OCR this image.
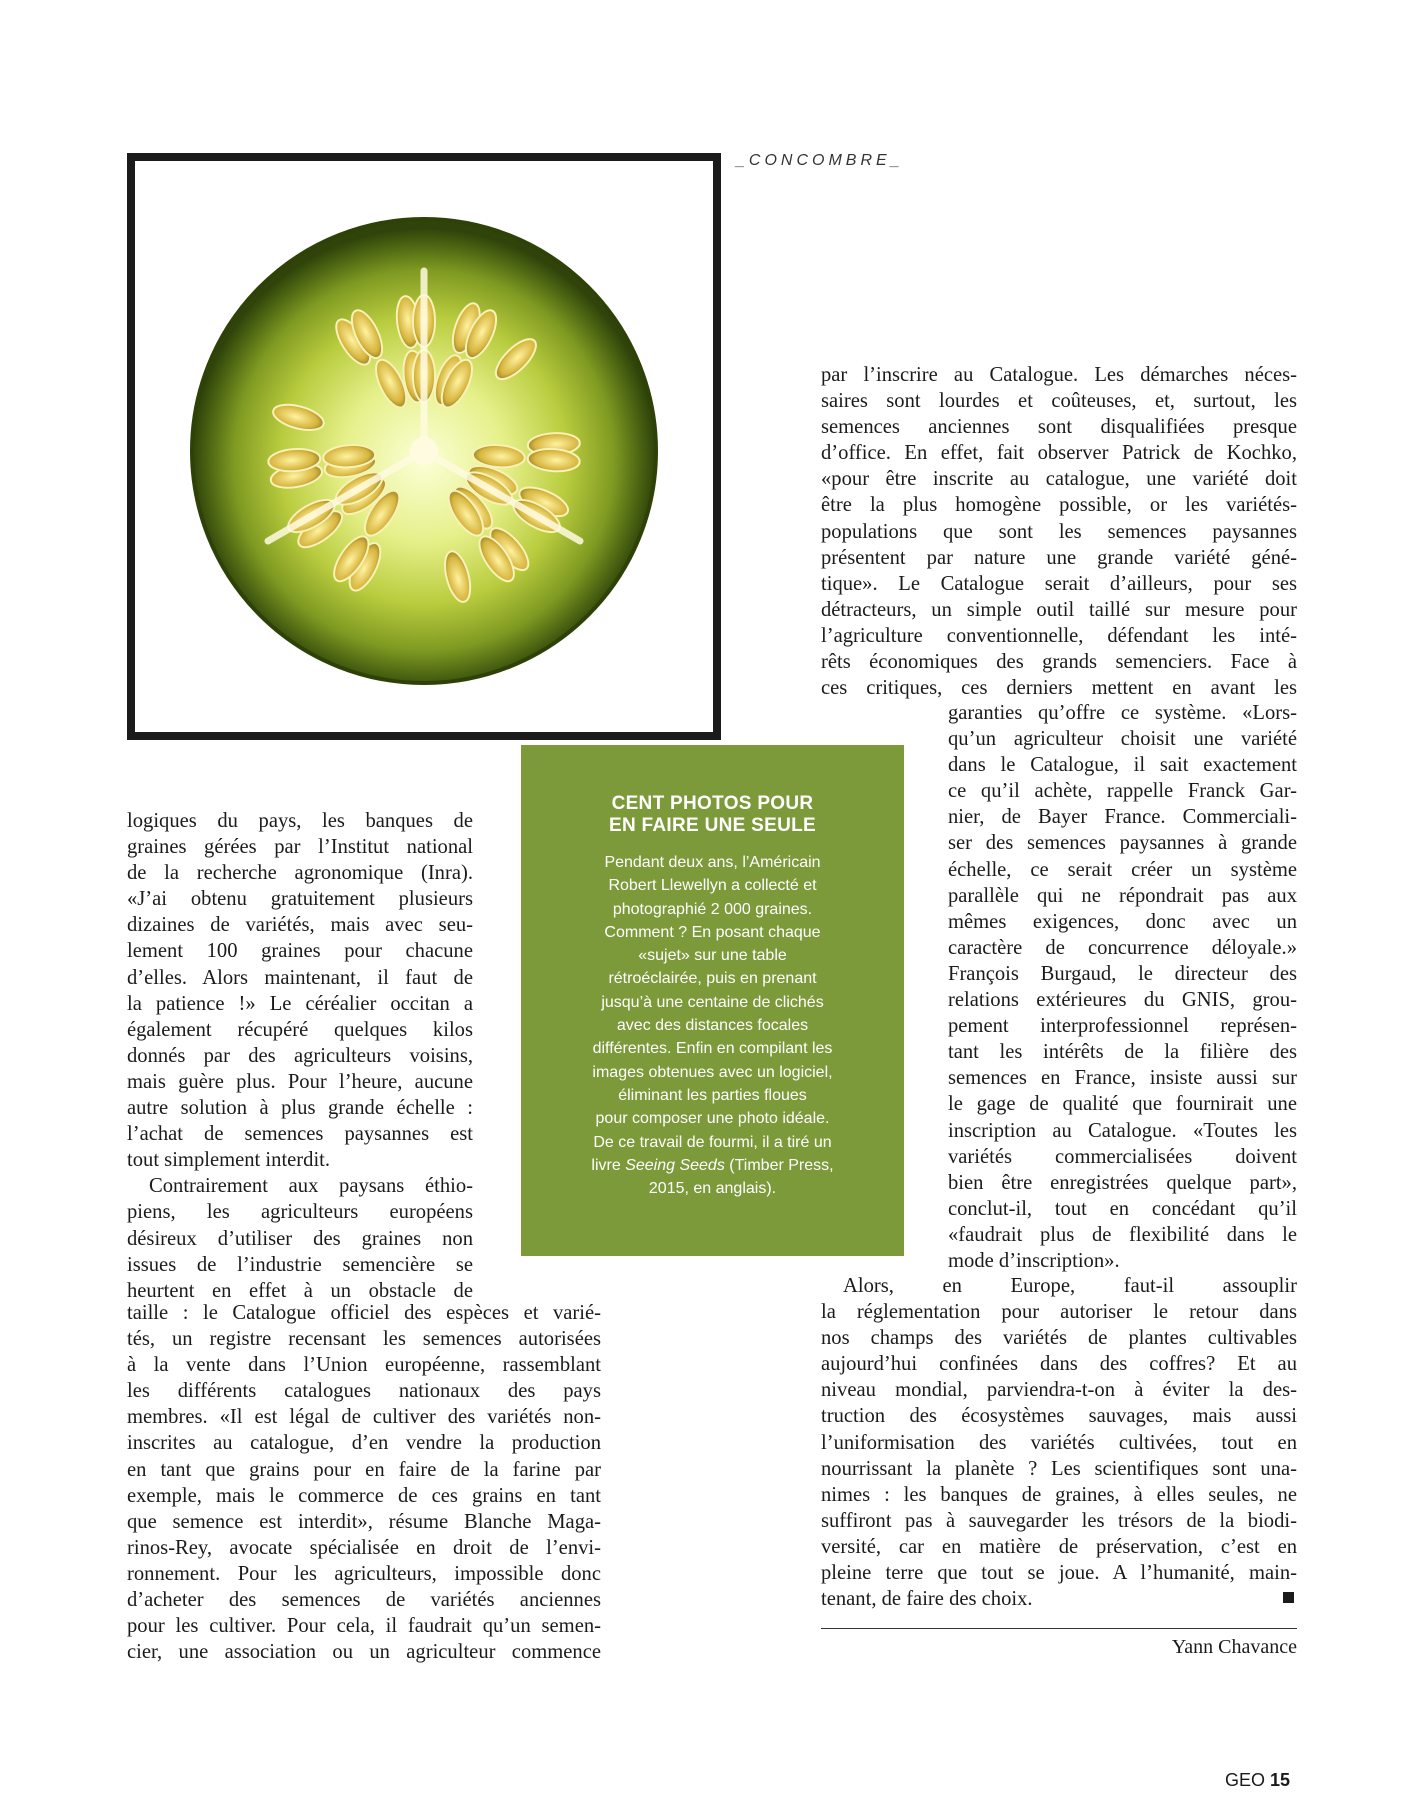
_CONCOMBRE_
logiques du pays, les banques de
graines gérées par l’Institut national
de la recherche agronomique (Inra).
«J’ai obtenu gratuitement plusieurs
dizaines de variétés, mais avec seu-
lement 100 graines pour chacune
d’elles. Alors maintenant, il faut de
la patience !» Le céréalier occitan a
également récupéré quelques kilos
donnés par des agriculteurs voisins,
mais guère plus. Pour l’heure, aucune
autre solution à plus grande échelle :
l’achat de semences paysannes est
tout simplement interdit.
Contrairement aux paysans éthio-
piens, les agriculteurs européens
désireux d’utiliser des graines non
issues de l’industrie semencière se
heurtent en effet à un obstacle de
taille : le Catalogue officiel des espèces et varié-
tés, un registre recensant les semences autorisées
à la vente dans l’Union européenne, rassemblant
les différents catalogues nationaux des pays
membres. «Il est légal de cultiver des variétés non-
inscrites au catalogue, d’en vendre la production
en tant que grains pour en faire de la farine par
exemple, mais le commerce de ces grains en tant
que semence est interdit», résume Blanche Maga-
rinos-Rey, avocate spécialisée en droit de l’envi-
ronnement. Pour les agriculteurs, impossible donc
d’acheter des semences de variétés anciennes
pour les cultiver. Pour cela, il faudrait qu’un semen-
cier, une association ou un agriculteur commence
CENT PHOTOS POUR
EN FAIRE UNE SEULE
Pendant deux ans, l’Américain
Robert Llewellyn a collecté et
photographié 2 000 graines.
Comment ? En posant chaque
«sujet» sur une table
rétroéclairée, puis en prenant
jusqu’à une centaine de clichés
avec des distances focales
différentes. Enfin en compilant les
images obtenues avec un logiciel,
éliminant les parties floues
pour composer une photo idéale.
De ce travail de fourmi, il a tiré un
livre Seeing Seeds (Timber Press,
2015, en anglais).
par l’inscrire au Catalogue. Les démarches néces-
saires sont lourdes et coûteuses, et, surtout, les
semences anciennes sont disqualifiées presque
d’office. En effet, fait observer Patrick de Kochko,
«pour être inscrite au catalogue, une variété doit
être la plus homogène possible, or les variétés-
populations que sont les semences paysannes
présentent par nature une grande variété géné-
tique». Le Catalogue serait d’ailleurs, pour ses
détracteurs, un simple outil taillé sur mesure pour
l’agriculture conventionnelle, défendant les inté-
rêts économiques des grands semenciers. Face à
ces critiques, ces derniers mettent en avant les
garanties qu’offre ce système. «Lors-
qu’un agriculteur choisit une variété
dans le Catalogue, il sait exactement
ce qu’il achète, rappelle Franck Gar-
nier, de Bayer France. Commerciali-
ser des semences paysannes à grande
échelle, ce serait créer un système
parallèle qui ne répondrait pas aux
mêmes exigences, donc avec un
caractère de concurrence déloyale.»
François Burgaud, le directeur des
relations extérieures du GNIS, grou-
pement interprofessionnel représen-
tant les intérêts de la filière des
semences en France, insiste aussi sur
le gage de qualité que fournirait une
inscription au Catalogue. «Toutes les
variétés commercialisées doivent
bien être enregistrées quelque part»,
conclut-il, tout en concédant qu’il
«faudrait plus de flexibilité dans le
mode d’inscription».
Alors, en Europe, faut-il assouplir
la réglementation pour autoriser le retour dans
nos champs des variétés de plantes cultivables
aujourd’hui confinées dans des coffres? Et au
niveau mondial, parviendra-t-on à éviter la des-
truction des écosystèmes sauvages, mais aussi
l’uniformisation des variétés cultivées, tout en
nourrissant la planète ? Les scientifiques sont una-
nimes : les banques de graines, à elles seules, ne
suffiront pas à sauvegarder les trésors de la biodi-
versité, car en matière de préservation, c’est en
pleine terre que tout se joue. A l’humanité, main-
tenant, de faire des choix.
Yann Chavance
GEO 15
